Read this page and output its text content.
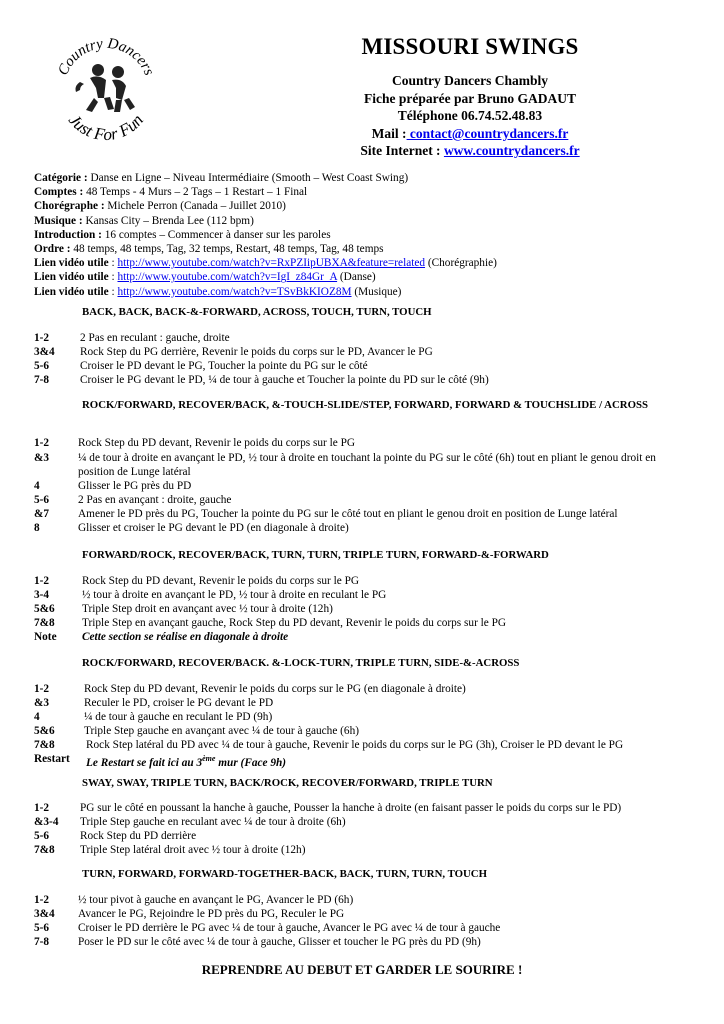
Country Dancers
Just For Fun
MISSOURI SWINGS
Country Dancers Chambly
Fiche préparée par Bruno GADAUT
Téléphone 06.74.52.48.83
Mail : contact@countrydancers.fr
Site Internet : www.countrydancers.fr
Catégorie : Danse en Ligne – Niveau Intermédiaire (Smooth – West Coast Swing)
Comptes : 48 Temps - 4 Murs – 2 Tags – 1 Restart – 1 Final
Chorégraphe : Michele Perron (Canada – Juillet 2010)
Musique : Kansas City – Brenda Lee (112 bpm)
Introduction : 16 comptes – Commencer à danser sur les paroles
Ordre : 48 temps, 48 temps, Tag, 32 temps, Restart, 48 temps, Tag, 48 temps
Lien vidéo utile : http://www.youtube.com/watch?v=RxPZIipUBXA&feature=related (Chorégraphie)
Lien vidéo utile : http://www.youtube.com/watch?v=IgI_z84Gr_A (Danse)
Lien vidéo utile : http://www.youtube.com/watch?v=TSvBkKIOZ8M (Musique)
BACK, BACK, BACK-&-FORWARD, ACROSS, TOUCH, TURN, TOUCH
1-2	2 Pas en reculant : gauche, droite
3&4 Rock Step du PG derrière, Revenir le poids du corps sur le PD, Avancer le PG
5-6	Croiser le PD devant le PG, Toucher la pointe du PG sur le côté
7-8	Croiser le PG devant le PD, ¼ de tour à gauche et Toucher la pointe du PD sur le côté (9h)
ROCK/FORWARD, RECOVER/BACK, &-TOUCH-SLIDE/STEP, FORWARD, FORWARD & TOUCHSLIDE / ACROSS
1-2	Rock Step du PD devant, Revenir le poids du corps sur le PG
&3	¼ de tour à droite en avançant le PD, ½ tour à droite en touchant la pointe du PG sur le côté (6h) tout en pliant le genou droit en position de Lunge latéral
4	Glisser le PG près du PD
5-6	2 Pas en avançant : droite, gauche
&7	Amener le PD près du PG, Toucher la pointe du PG sur le côté tout en pliant le genou droit en position de Lunge latéral
8	Glisser et croiser le PG devant le PD (en diagonale à droite)
FORWARD/ROCK, RECOVER/BACK, TURN, TURN, TRIPLE TURN, FORWARD-&-FORWARD
1-2	Rock Step du PD devant, Revenir le poids du corps sur le PG
3-4	½ tour à droite en avançant le PD, ½ tour à droite en reculant le PG
5&6 Triple Step droit en avançant avec ½ tour à droite (12h)
7&8 Triple Step en avançant gauche, Rock Step du PD devant, Revenir le poids du corps sur le PG
Note Cette section se réalise en diagonale à droite
ROCK/FORWARD, RECOVER/BACK. &-LOCK-TURN, TRIPLE TURN, SIDE-&-ACROSS
1-2	Rock Step du PD devant, Revenir le poids du corps sur le PG (en diagonale à droite)
&3	Reculer le PD, croiser le PG devant le PD
4	¼ de tour à gauche en reculant le PD (9h)
5&6	Triple Step gauche en avançant avec ¼ de tour à gauche (6h)
7&8	Rock Step latéral du PD avec ¼ de tour à gauche, Revenir le poids du corps sur le PG (3h), Croiser le PD devant le PG
Restart Le Restart se fait ici au 3ème mur (Face 9h)
SWAY, SWAY, TRIPLE TURN, BACK/ROCK, RECOVER/FORWARD, TRIPLE TURN
1-2	PG sur le côté en poussant la hanche à gauche, Pousser la hanche à droite (en faisant passer le poids du corps sur le PD)
&3-4 Triple Step gauche en reculant avec ¼ de tour à droite (6h)
5-6	Rock Step du PD derrière
7&8 Triple Step latéral droit avec ½ tour à droite (12h)
TURN, FORWARD, FORWARD-TOGETHER-BACK, BACK, TURN, TURN, TOUCH
1-2	½ tour pivot à gauche en avançant le PG, Avancer le PD (6h)
3&4 Avancer le PG, Rejoindre le PD près du PG, Reculer le PG
5-6	Croiser le PD derrière le PG avec ¼ de tour à gauche, Avancer le PG avec ¼ de tour à gauche
7-8	Poser le PD sur le côté avec ¼ de tour à gauche, Glisser et toucher le PG près du PD (9h)
REPRENDRE AU DEBUT ET GARDER LE SOURIRE !
